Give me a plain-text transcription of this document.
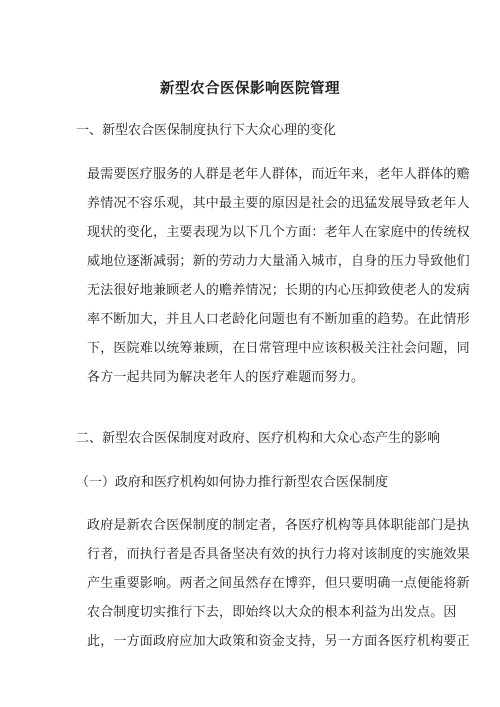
新型农合医保影响医院管理
一、新型农合医保制度执行下大众心理的变化
最需要医疗服务的人群是老年人群体，而近年来，老年人群体的赡
养情况不容乐观，其中最主要的原因是社会的迅猛发展导致老年人
现状的变化，主要表现为以下几个方面：老年人在家庭中的传统权
威地位逐渐减弱；新的劳动力大量涌入城市，自身的压力导致他们
无法很好地兼顾老人的赡养情况；长期的内心压抑致使老人的发病
率不断加大，并且人口老龄化问题也有不断加重的趋势。在此情形
下，医院难以统筹兼顾，在日常管理中应该积极关注社会问题，同
各方一起共同为解决老年人的医疗难题而努力。
二、新型农合医保制度对政府、医疗机构和大众心态产生的影响
（一）政府和医疗机构如何协力推行新型农合医保制度
政府是新农合医保制度的制定者，各医疗机构等具体职能部门是执
行者，而执行者是否具备坚决有效的执行力将对该制度的实施效果
产生重要影响。两者之间虽然存在博弈，但只要明确一点便能将新
农合制度切实推行下去，即始终以大众的根本利益为出发点。因
此，一方面政府应加大政策和资金支持，另一方面各医疗机构要正
